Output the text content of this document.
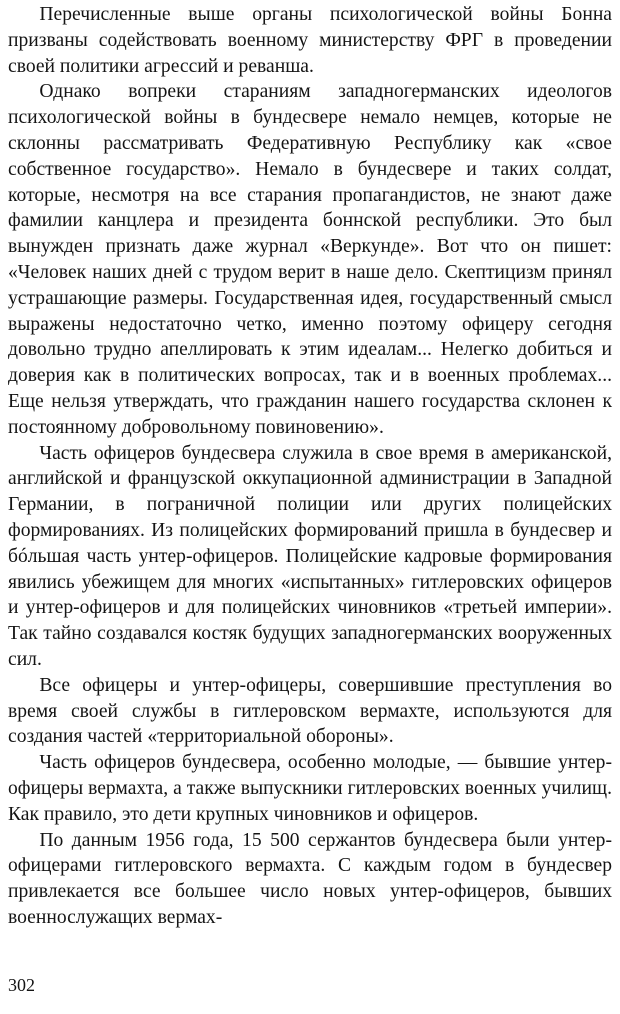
Перечисленные выше органы психологической войны Бонна призваны содействовать военному министерству ФРГ в проведении своей политики агрессий и реванша.

Однако вопреки стараниям западногерманских идеологов психологической войны в бундесвере немало немцев, которые не склонны рассматривать Федеративную Республику как «свое собственное государство». Немало в бундесвере и таких солдат, которые, несмотря на все старания пропагандистов, не знают даже фамилии канцлера и президента боннской республики. Это был вынужден признать даже журнал «Веркунде». Вот что он пишет: «Человек наших дней с трудом верит в наше дело. Скептицизм принял устрашающие размеры. Государственная идея, государственный смысл выражены недостаточно четко, именно поэтому офицеру сегодня довольно трудно апеллировать к этим идеалам... Нелегко добиться и доверия как в политических вопросах, так и в военных проблемах... Еще нельзя утверждать, что гражданин нашего государства склонен к постоянному добровольному повиновению».

Часть офицеров бундесвера служила в свое время в американской, английской и французской оккупационной администрации в Западной Германии, в пограничной полиции или других полицейских формированиях. Из полицейских формирований пришла в бундесвер и бóльшая часть унтер-офицеров. Полицейские кадровые формирования явились убежищем для многих «испытанных» гитлеровских офицеров и унтер-офицеров и для полицейских чиновников «третьей империи». Так тайно создавался костяк будущих западногерманских вооруженных сил.

Все офицеры и унтер-офицеры, совершившие преступления во время своей службы в гитлеровском вермахте, используются для создания частей «территориальной обороны».

Часть офицеров бундесвера, особенно молодые, — бывшие унтер-офицеры вермахта, а также выпускники гитлеровских военных училищ. Как правило, это дети крупных чиновников и офицеров.

По данным 1956 года, 15 500 сержантов бундесвера были унтер-офицерами гитлеровского вермахта. С каждым годом в бундесвер привлекается все большее число новых унтер-офицеров, бывших военнослужащих вермах-

302
